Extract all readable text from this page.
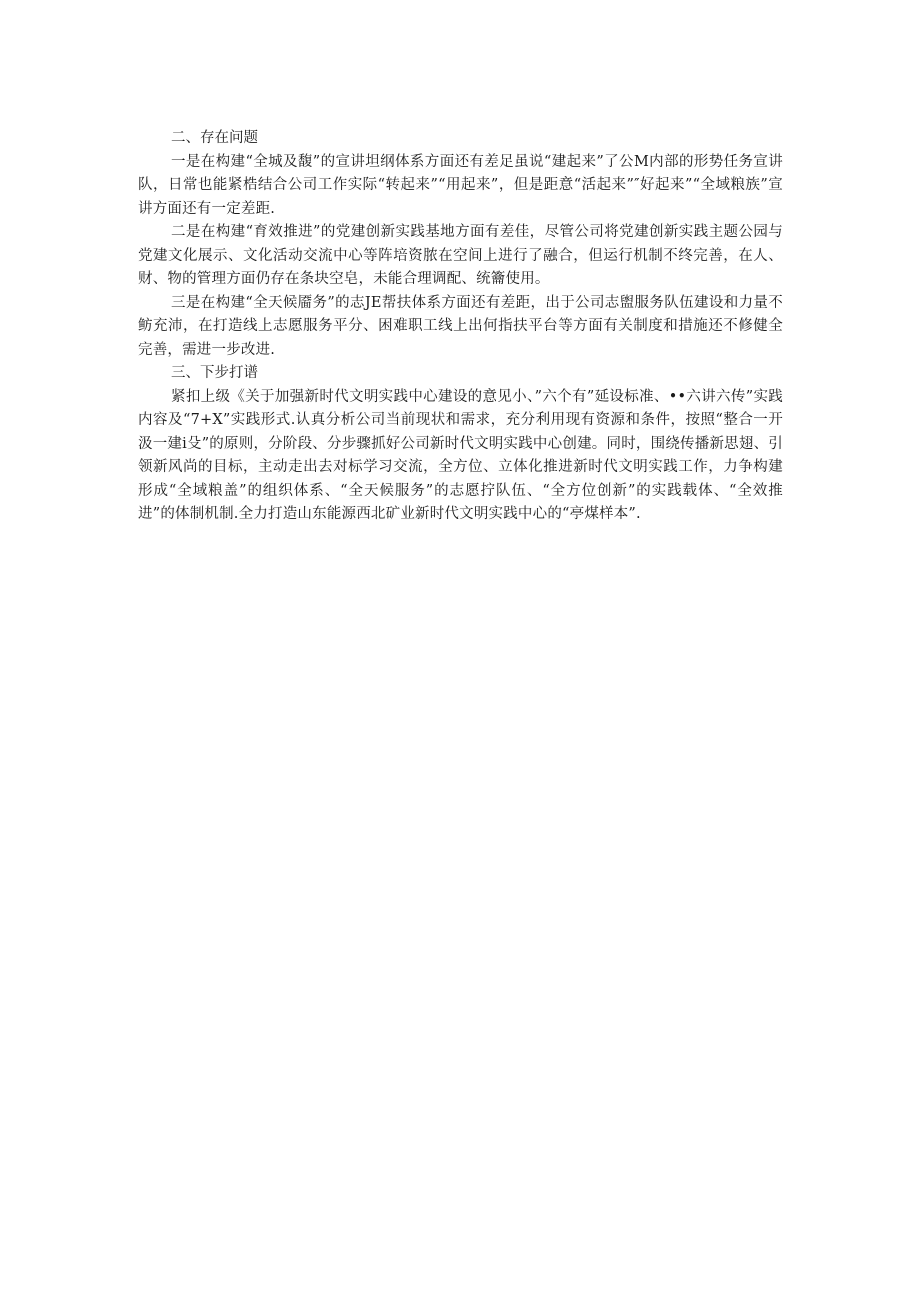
二、存在问题

一是在构建“全城及馥”的宣讲坦纲体系方面还有差足虽说“建起来”了公M内部的形势任务宣讲队，日常也能紧梏结合公司工作实际“转起来”“用起来”，但是距意“活起来”″好起来”“全域粮族”宣讲方面还有一定差距.

二是在构建“育效推进”的党建创新实践基地方面有差佳，尽管公司将党建创新实践主题公园与党建文化展示、文化活动交流中心等阵培资脓在空间上进行了融合，但运行机制不终完善，在人、财、物的管理方面仍存在条块空皂，未能合理调配、统籥使用。

三是在构建“全天候靥务”的志JE帮扶体系方面还有差距，出于公司志盥服务队伍建设和力量不鲂充沛，在打造线上志愿服务平分、困难职工线上出何指扶平台等方面有关制度和措施还不修健全完善，需进一步改进.

三、下步打谱

紧扣上级《关于加强新时代文明实践中心建设的意见小、”六个有”延设标准、••六讲六传”实践内容及“7+X”实践形式.认真分析公司当前现状和需求，充分利用现有资源和条件，按照“整合一开汲一建i殳”的原则，分阶段、分步骤抓好公司新时代文明实践中心创建。同时，围绕传播新思翅、引领新风尚的目标，主动走出去对标学习交流，全方位、立体化推进新时代文明实践工作，力争构建形成“全域粮盖”的组织体系、“全天候服务”的志愿拧队伍、“全方位创新”的实践载体、“全效推进”的体制机制.全力打造山东能源西北矿业新时代文明实践中心的“亭煤样本”.
